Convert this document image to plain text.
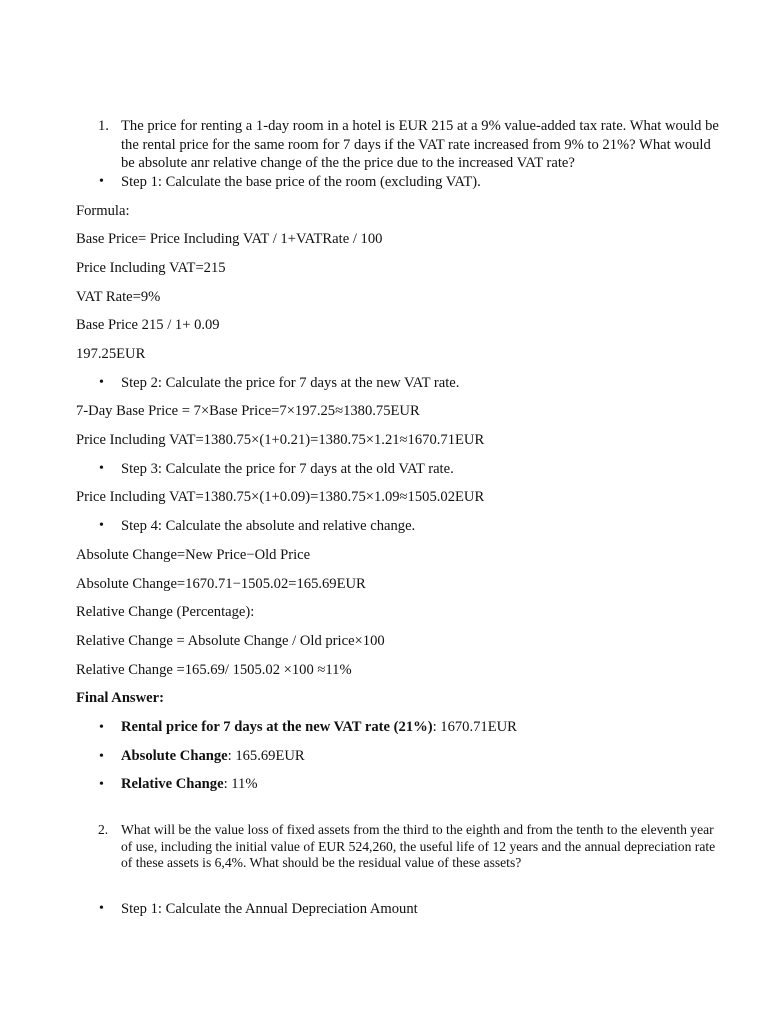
1. The price for renting a 1-day room in a hotel is EUR 215 at a 9% value-added tax rate. What would be the rental price for the same room for 7 days if the VAT rate increased from 9% to 21%? What would be absolute anr relative change of the the price due to the increased VAT rate?
• Step 1: Calculate the base price of the room (excluding VAT).
Formula:
Base Price= Price Including VAT / 1+VATRate / 100
Price Including VAT=215
VAT Rate=9%
Base Price 215 / 1+ 0.09
197.25EUR
• Step 2: Calculate the price for 7 days at the new VAT rate.
7-Day Base Price = 7×Base Price=7×197.25≈1380.75EUR
Price Including VAT=1380.75×(1+0.21)=1380.75×1.21≈1670.71EUR
• Step 3: Calculate the price for 7 days at the old VAT rate.
Price Including VAT=1380.75×(1+0.09)=1380.75×1.09≈1505.02EUR
• Step 4: Calculate the absolute and relative change.
Absolute Change=New Price−Old Price
Absolute Change=1670.71−1505.02=165.69EUR
Relative Change (Percentage):
Relative Change = Absolute Change / Old price×100
Relative Change =165.69/ 1505.02 ×100 ≈11%
Final Answer:
• Rental price for 7 days at the new VAT rate (21%): 1670.71EUR
• Absolute Change: 165.69EUR
• Relative Change: 11%
2. What will be the value loss of fixed assets from the third to the eighth and from the tenth to the eleventh year of use, including the initial value of EUR 524,260, the useful life of 12 years and the annual depreciation rate of these assets is 6,4%. What should be the residual value of these assets?
• Step 1: Calculate the Annual Depreciation Amount
